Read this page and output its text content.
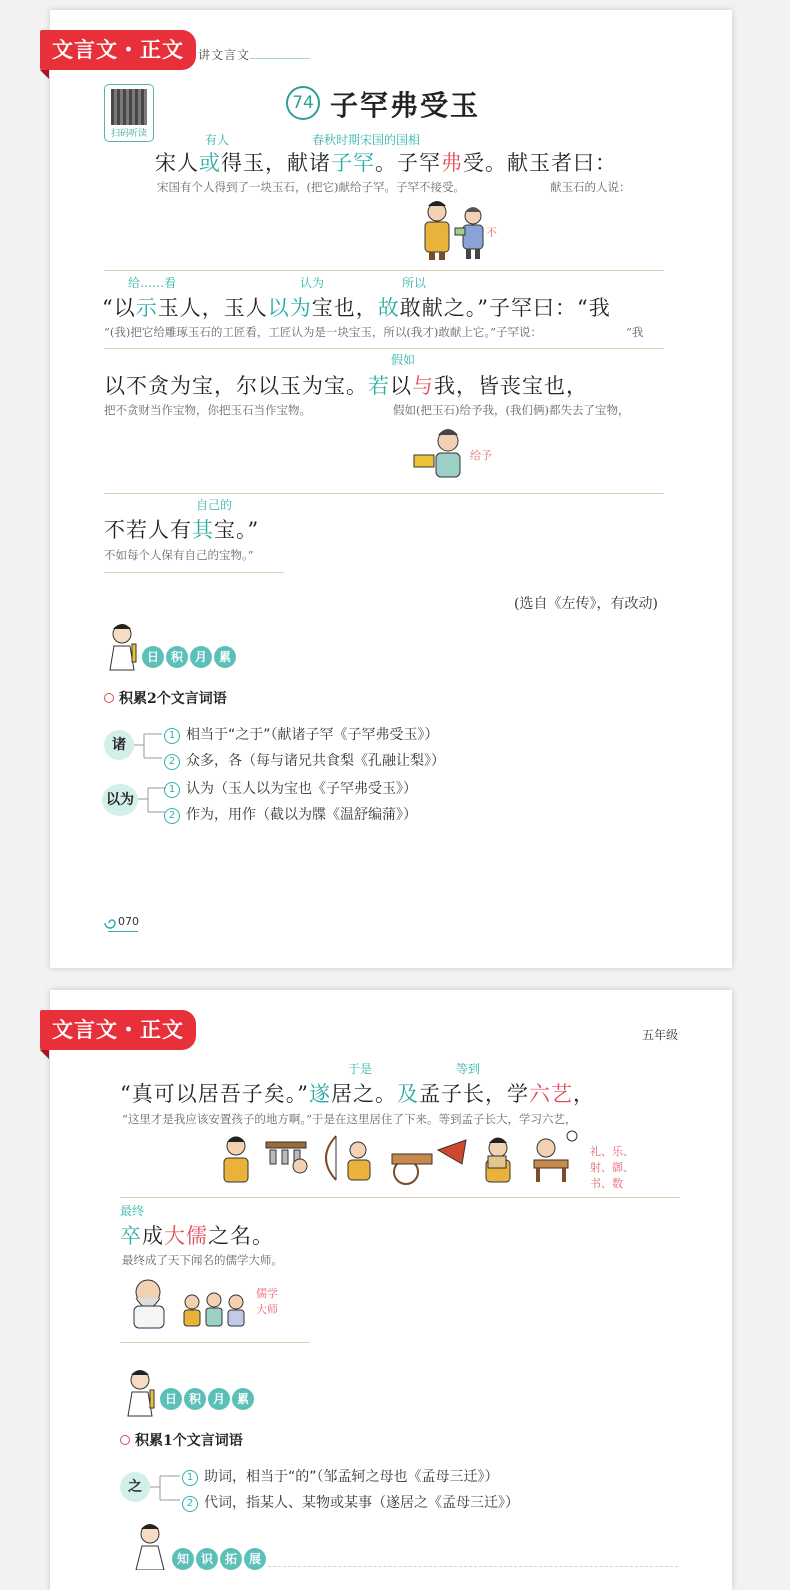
文言文・正文	讲文言文
扫码听读
74 子罕弗受玉
有人	春秋时期宋国的国相
宋人或得玉，献诸子罕。子罕弗受。献玉者曰：
宋国有个人得到了一块玉石，(把它)献给子罕。子罕不接受。	献玉石的人说：
不
给……看	认为	所以
“以示玉人，玉人以为宝也，故敢献之。”子罕曰：“我
“(我)把它给雕琢玉石的工匠看，工匠认为是一块宝玉，所以(我才)敢献上它。”子罕说：	“我
假如
以不贪为宝，尔以玉为宝。若以与我，皆丧宝也，
把不贪财当作宝物，你把玉石当作宝物。	假如(把玉石)给予我，(我们俩)都失去了宝物，
给予
自己的
不若人有其宝。”
不如每个人保有自己的宝物。”
(选自《左传》，有改动)
日 积 月 累
积累2个文言词语
诸
1 相当于“之于”（献诸子罕《子罕弗受玉》）
2 众多，各（每与诸兄共食梨《孔融让梨》）
以为
1 认为（玉人以为宝也《子罕弗受玉》）
2 作为，用作（截以为牒《温舒编蒲》）
070
文言文・正文	五年级
于是	等到
“真可以居吾子矣。”遂居之。及孟子长，学六艺，
“这里才是我应该安置孩子的地方啊。”于是在这里居住了下来。等到孟子长大，学习六艺，
礼、乐、射、御、书、数
最终
卒成大儒之名。
最终成了天下闻名的儒学大师。
儒学大师
日 积 月 累
积累1个文言词语
之
1 助词，相当于“的”（邹孟轲之母也《孟母三迁》）
2 代词，指某人、某物或某事（遂居之《孟母三迁》）
知 识 拓 展
